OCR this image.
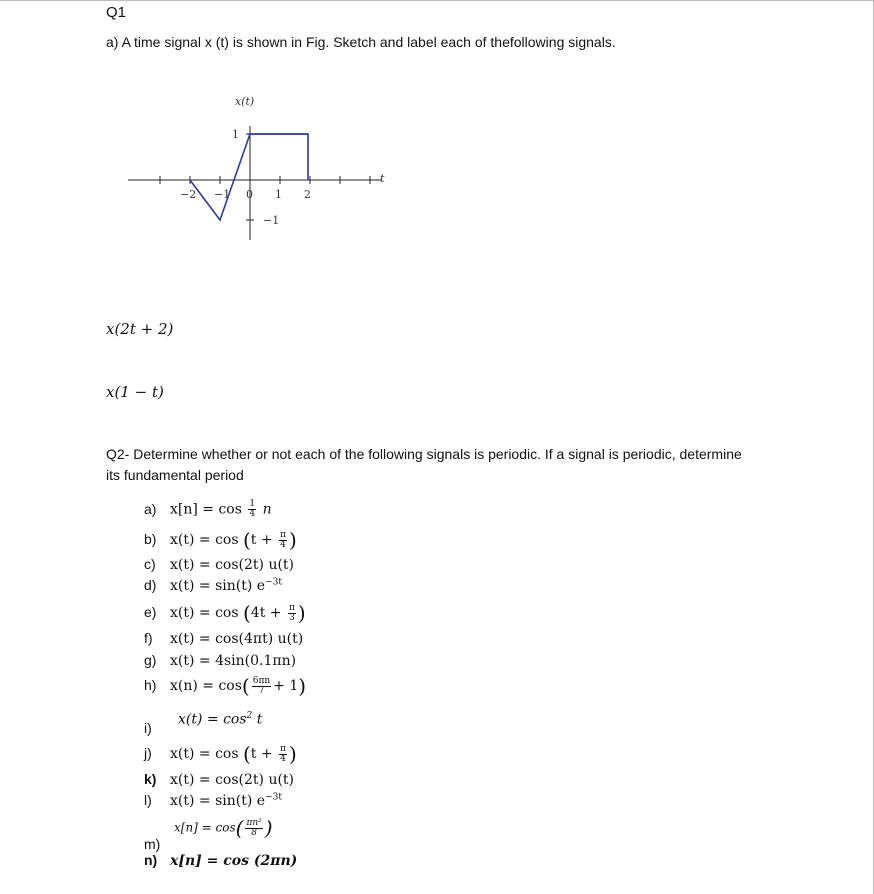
Q1
a) A time signal x (t) is shown in Fig. Sketch and label each of thefollowing signals.
x(t)
t
−2 −1 0 1 2
1
−1
x(2t + 2)
x(1 − t)
Q2- Determine whether or not each of the following signals is periodic. If a signal is periodic, determine
its fundamental period
a) $x[n] = \cos \frac{1}{4}$ n
b) $x(t) = \cos (t + \frac{\pi}{4}$ )
c) x(t) = cos(2t) u(t)
d) x(t) = sin(t) $e^{-3t}$
e) $x(t) = \cos (4t + \frac{\pi}{3}$ )
f) x(t) = cos(4πt) u(t)
g) x(t) = 4sin(0.1πn)
h) $x(n) = \cos( \frac{6\pi n}{7} + 1)$
i)
$x(t) = \cos^2 t$
j) $x(t) = \cos (t + \frac{\pi}{4}$ )
k) x(t) = cos(2t) u(t)
l) x(t) = sin(t) $e^{-3t}$
$x[n] = \cos( \frac{\text{πn²}}{8}$ )
m)
n) x[n] = cos (2πn)
